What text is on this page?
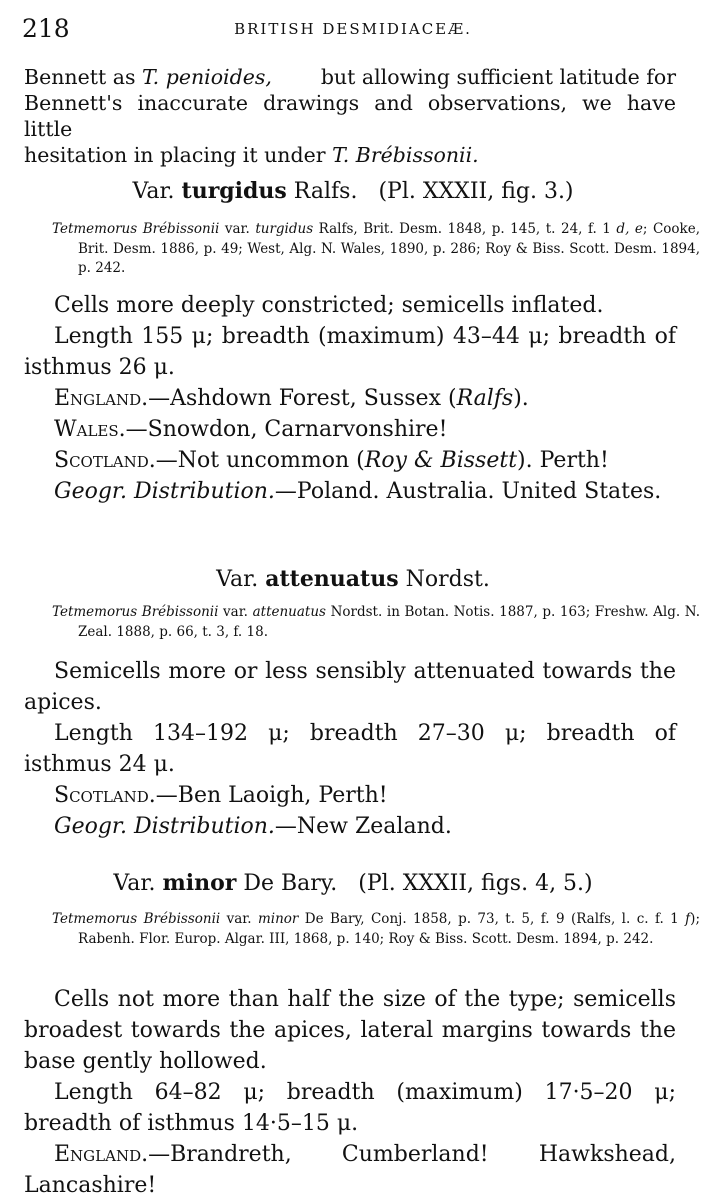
218	BRITISH DESMIDIACEÆ.
Bennett as T. penioides, but allowing sufficient latitude for
Bennett's inaccurate drawings and observations, we have little
hesitation in placing it under T. Brébissonii.
Var. turgidus Ralfs. (Pl. XXXII, fig. 3.)
Tetmemorus Brébissonii var. turgidus Ralfs, Brit. Desm. 1848, p. 145, t. 24, f. 1 d, e; Cooke, Brit. Desm. 1886, p. 49; West, Alg. N. Wales, 1890, p. 286; Roy & Biss. Scott. Desm. 1894, p. 242.

Cells more deeply constricted; semicells inflated.

Length 155 μ; breadth (maximum) 43–44 μ; breadth of isthmus 26 μ.

England.—Ashdown Forest, Sussex (Ralfs).

Wales.—Snowdon, Carnarvonshire!

Scotland.—Not uncommon (Roy & Bissett). Perth!

Geogr. Distribution.—Poland. Australia. United States.

Var. attenuatus Nordst.
Tetmemorus Brébissonii var. attenuatus Nordst. in Botan. Notis. 1887, p. 163; Freshw. Alg. N. Zeal. 1888, p. 66, t. 3, f. 18.

Semicells more or less sensibly attenuated towards the apices.

Length 134–192 μ; breadth 27–30 μ; breadth of isthmus 24 μ.

Scotland.—Ben Laoigh, Perth!

Geogr. Distribution.—New Zealand.

Var. minor De Bary. (Pl. XXXII, figs. 4, 5.)
Tetmemorus Brébissonii var. minor De Bary, Conj. 1858, p. 73, t. 5, f. 9 (Ralfs, l. c. f. 1 f); Rabenh. Flor. Europ. Algar. III, 1868, p. 140; Roy & Biss. Scott. Desm. 1894, p. 242.

Cells not more than half the size of the type; semicells broadest towards the apices, lateral margins towards the base gently hollowed.

Length 64–82 μ; breadth (maximum) 17·5–20 μ; breadth of isthmus 14·5–15 μ.

England.—Brandreth, Cumberland! Hawkshead, Lancashire!
